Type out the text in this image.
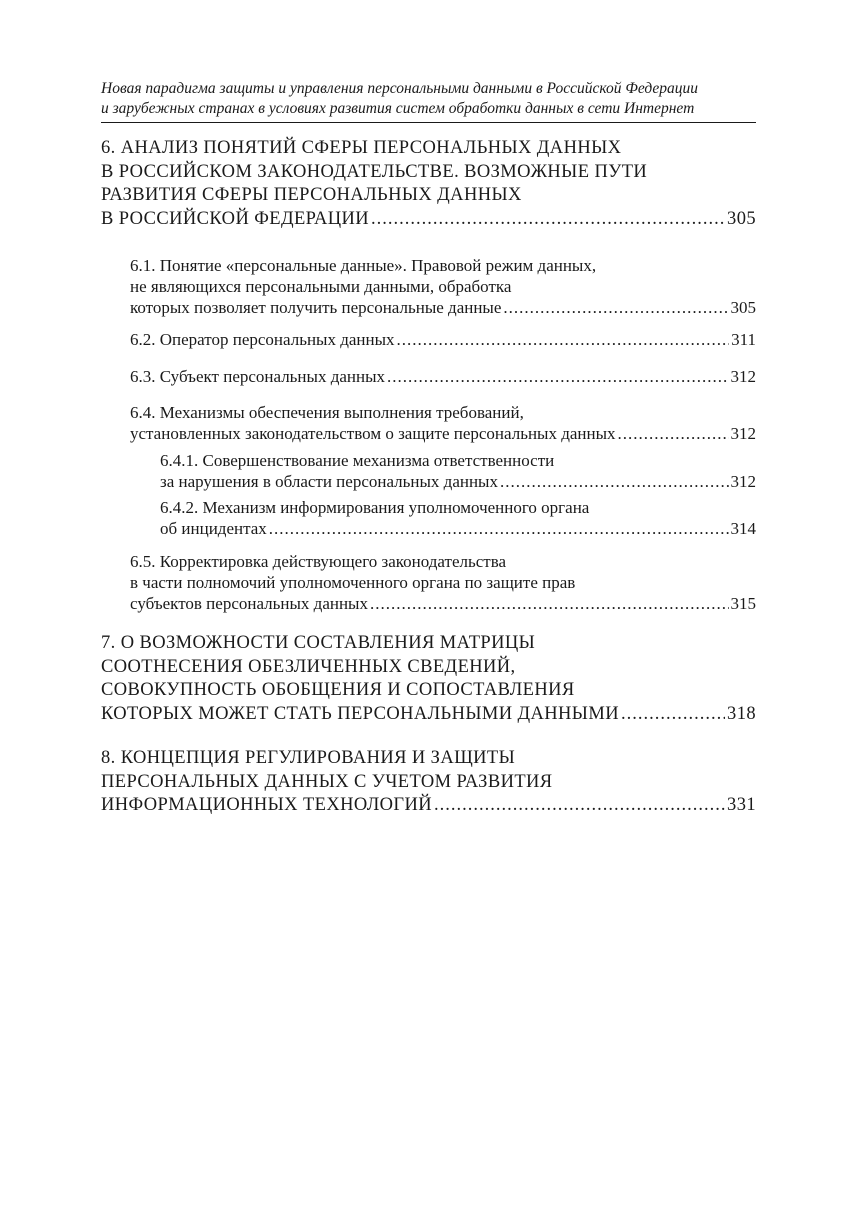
Новая парадигма защиты и управления персональными данными в Российской Федерации
и зарубежных странах в условиях развития систем обработки данных в сети Интернет
6. АНАЛИЗ ПОНЯТИЙ СФЕРЫ ПЕРСОНАЛЬНЫХ ДАННЫХ
В РОССИЙСКОМ ЗАКОНОДАТЕЛЬСТВЕ. ВОЗМОЖНЫЕ ПУТИ
РАЗВИТИЯ СФЕРЫ ПЕРСОНАЛЬНЫХ ДАННЫХ
В РОССИЙСКОЙ ФЕДЕРАЦИИ .....	305
6.1. Понятие «персональные данные». Правовой режим данных,
не являющихся персональными данными, обработка
которых позволяет получить персональные данные .....	305
6.2. Оператор персональных данных .....	311
6.3. Субъект персональных данных .....	312
6.4. Механизмы обеспечения выполнения требований,
установленных законодательством о защите персональных данных .....	312
6.4.1. Совершенствование механизма ответственности
за нарушения в области персональных данных .....	312
6.4.2. Механизм информирования уполномоченного органа
об инцидентах .....	314
6.5. Корректировка действующего законодательства
в части полномочий уполномоченного органа по защите прав
субъектов персональных данных .....	315
7. О ВОЗМОЖНОСТИ СОСТАВЛЕНИЯ МАТРИЦЫ
СООТНЕСЕНИЯ ОБЕЗЛИЧЕННЫХ СВЕДЕНИЙ,
СОВОКУПНОСТЬ ОБОБЩЕНИЯ И СОПОСТАВЛЕНИЯ
КОТОРЫХ МОЖЕТ СТАТЬ ПЕРСОНАЛЬНЫМИ ДАННЫМИ .....	318
8. КОНЦЕПЦИЯ РЕГУЛИРОВАНИЯ И ЗАЩИТЫ
ПЕРСОНАЛЬНЫХ ДАННЫХ С УЧЕТОМ РАЗВИТИЯ
ИНФОРМАЦИОННЫХ ТЕХНОЛОГИЙ .....	331
